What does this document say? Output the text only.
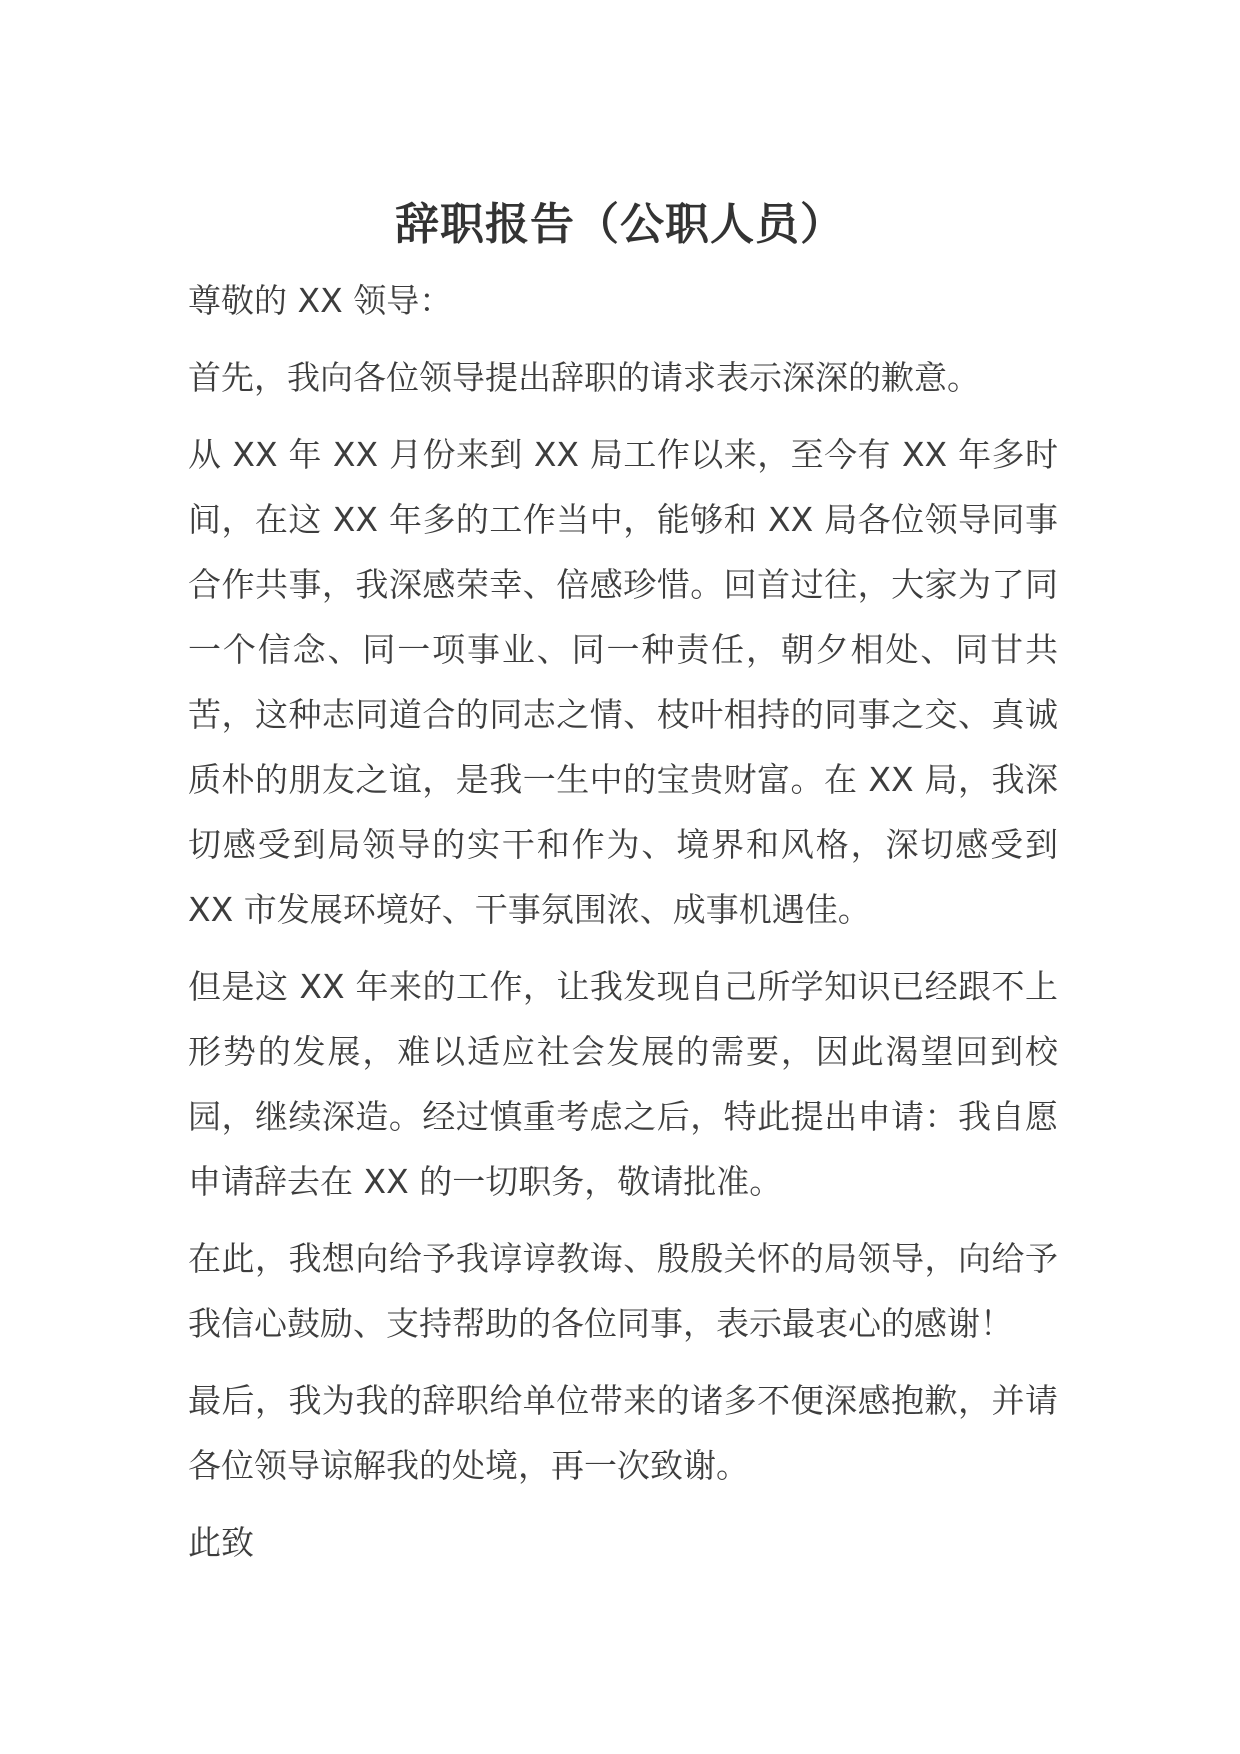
辞职报告（公职人员）

尊敬的 XX 领导：

首先，我向各位领导提出辞职的请求表示深深的歉意。

从 XX 年 XX 月份来到 XX 局工作以来，至今有 XX 年多时间，在这 XX 年多的工作当中，能够和 XX 局各位领导同事合作共事，我深感荣幸、倍感珍惜。回首过往，大家为了同一个信念、同一项事业、同一种责任，朝夕相处、同甘共苦，这种志同道合的同志之情、枝叶相持的同事之交、真诚质朴的朋友之谊，是我一生中的宝贵财富。在 XX 局，我深切感受到局领导的实干和作为、境界和风格，深切感受到 XX 市发展环境好、干事氛围浓、成事机遇佳。

但是这 XX 年来的工作，让我发现自己所学知识已经跟不上形势的发展，难以适应社会发展的需要，因此渴望回到校园，继续深造。经过慎重考虑之后，特此提出申请：我自愿申请辞去在 XX 的一切职务，敬请批准。

在此，我想向给予我谆谆教诲、殷殷关怀的局领导，向给予我信心鼓励、支持帮助的各位同事，表示最衷心的感谢！

最后，我为我的辞职给单位带来的诸多不便深感抱歉，并请各位领导谅解我的处境，再一次致谢。

此致
